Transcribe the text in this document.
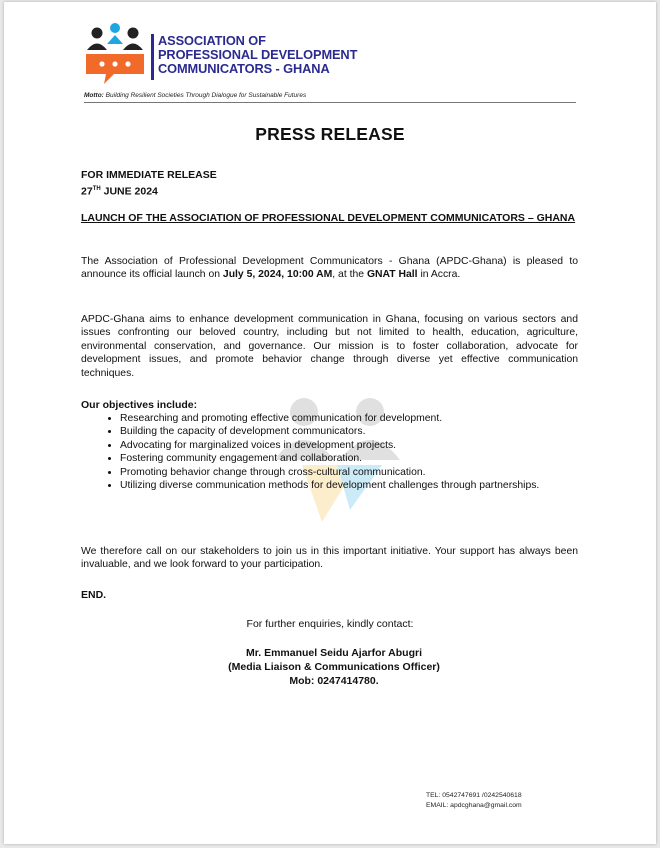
ASSOCIATION OF
PROFESSIONAL DEVELOPMENT
COMMUNICATORS - GHANA
Motto: Building Resilient Societies Through Dialogue for Sustainable Futures
PRESS RELEASE
FOR IMMEDIATE RELEASE
27TH JUNE 2024
LAUNCH OF THE ASSOCIATION OF PROFESSIONAL DEVELOPMENT COMMUNICATORS – GHANA
The Association of Professional Development Communicators - Ghana (APDC-Ghana) is pleased to announce its official launch on July 5, 2024, 10:00 AM, at the GNAT Hall in Accra.
APDC-Ghana aims to enhance development communication in Ghana, focusing on various sectors and issues confronting our beloved country, including but not limited to health, education, agriculture, environmental conservation, and governance. Our mission is to foster collaboration, advocate for development issues, and promote behavior change through diverse yet effective communication techniques.
Our objectives include:
• Researching and promoting effective communication for development.
• Building the capacity of development communicators.
• Advocating for marginalized voices in development projects.
• Fostering community engagement and collaboration.
• Promoting behavior change through cross-cultural communication.
• Utilizing diverse communication methods for development challenges through partnerships.
We therefore call on our stakeholders to join us in this important initiative. Your support has always been invaluable, and we look forward to your participation.
END.
For further enquiries, kindly contact:
Mr. Emmanuel Seidu Ajarfor Abugri
(Media Liaison & Communications Officer)
Mob: 0247414780.
TEL: 0542747691 /0242540618
EMAIL: apdcghana@gmail.com
